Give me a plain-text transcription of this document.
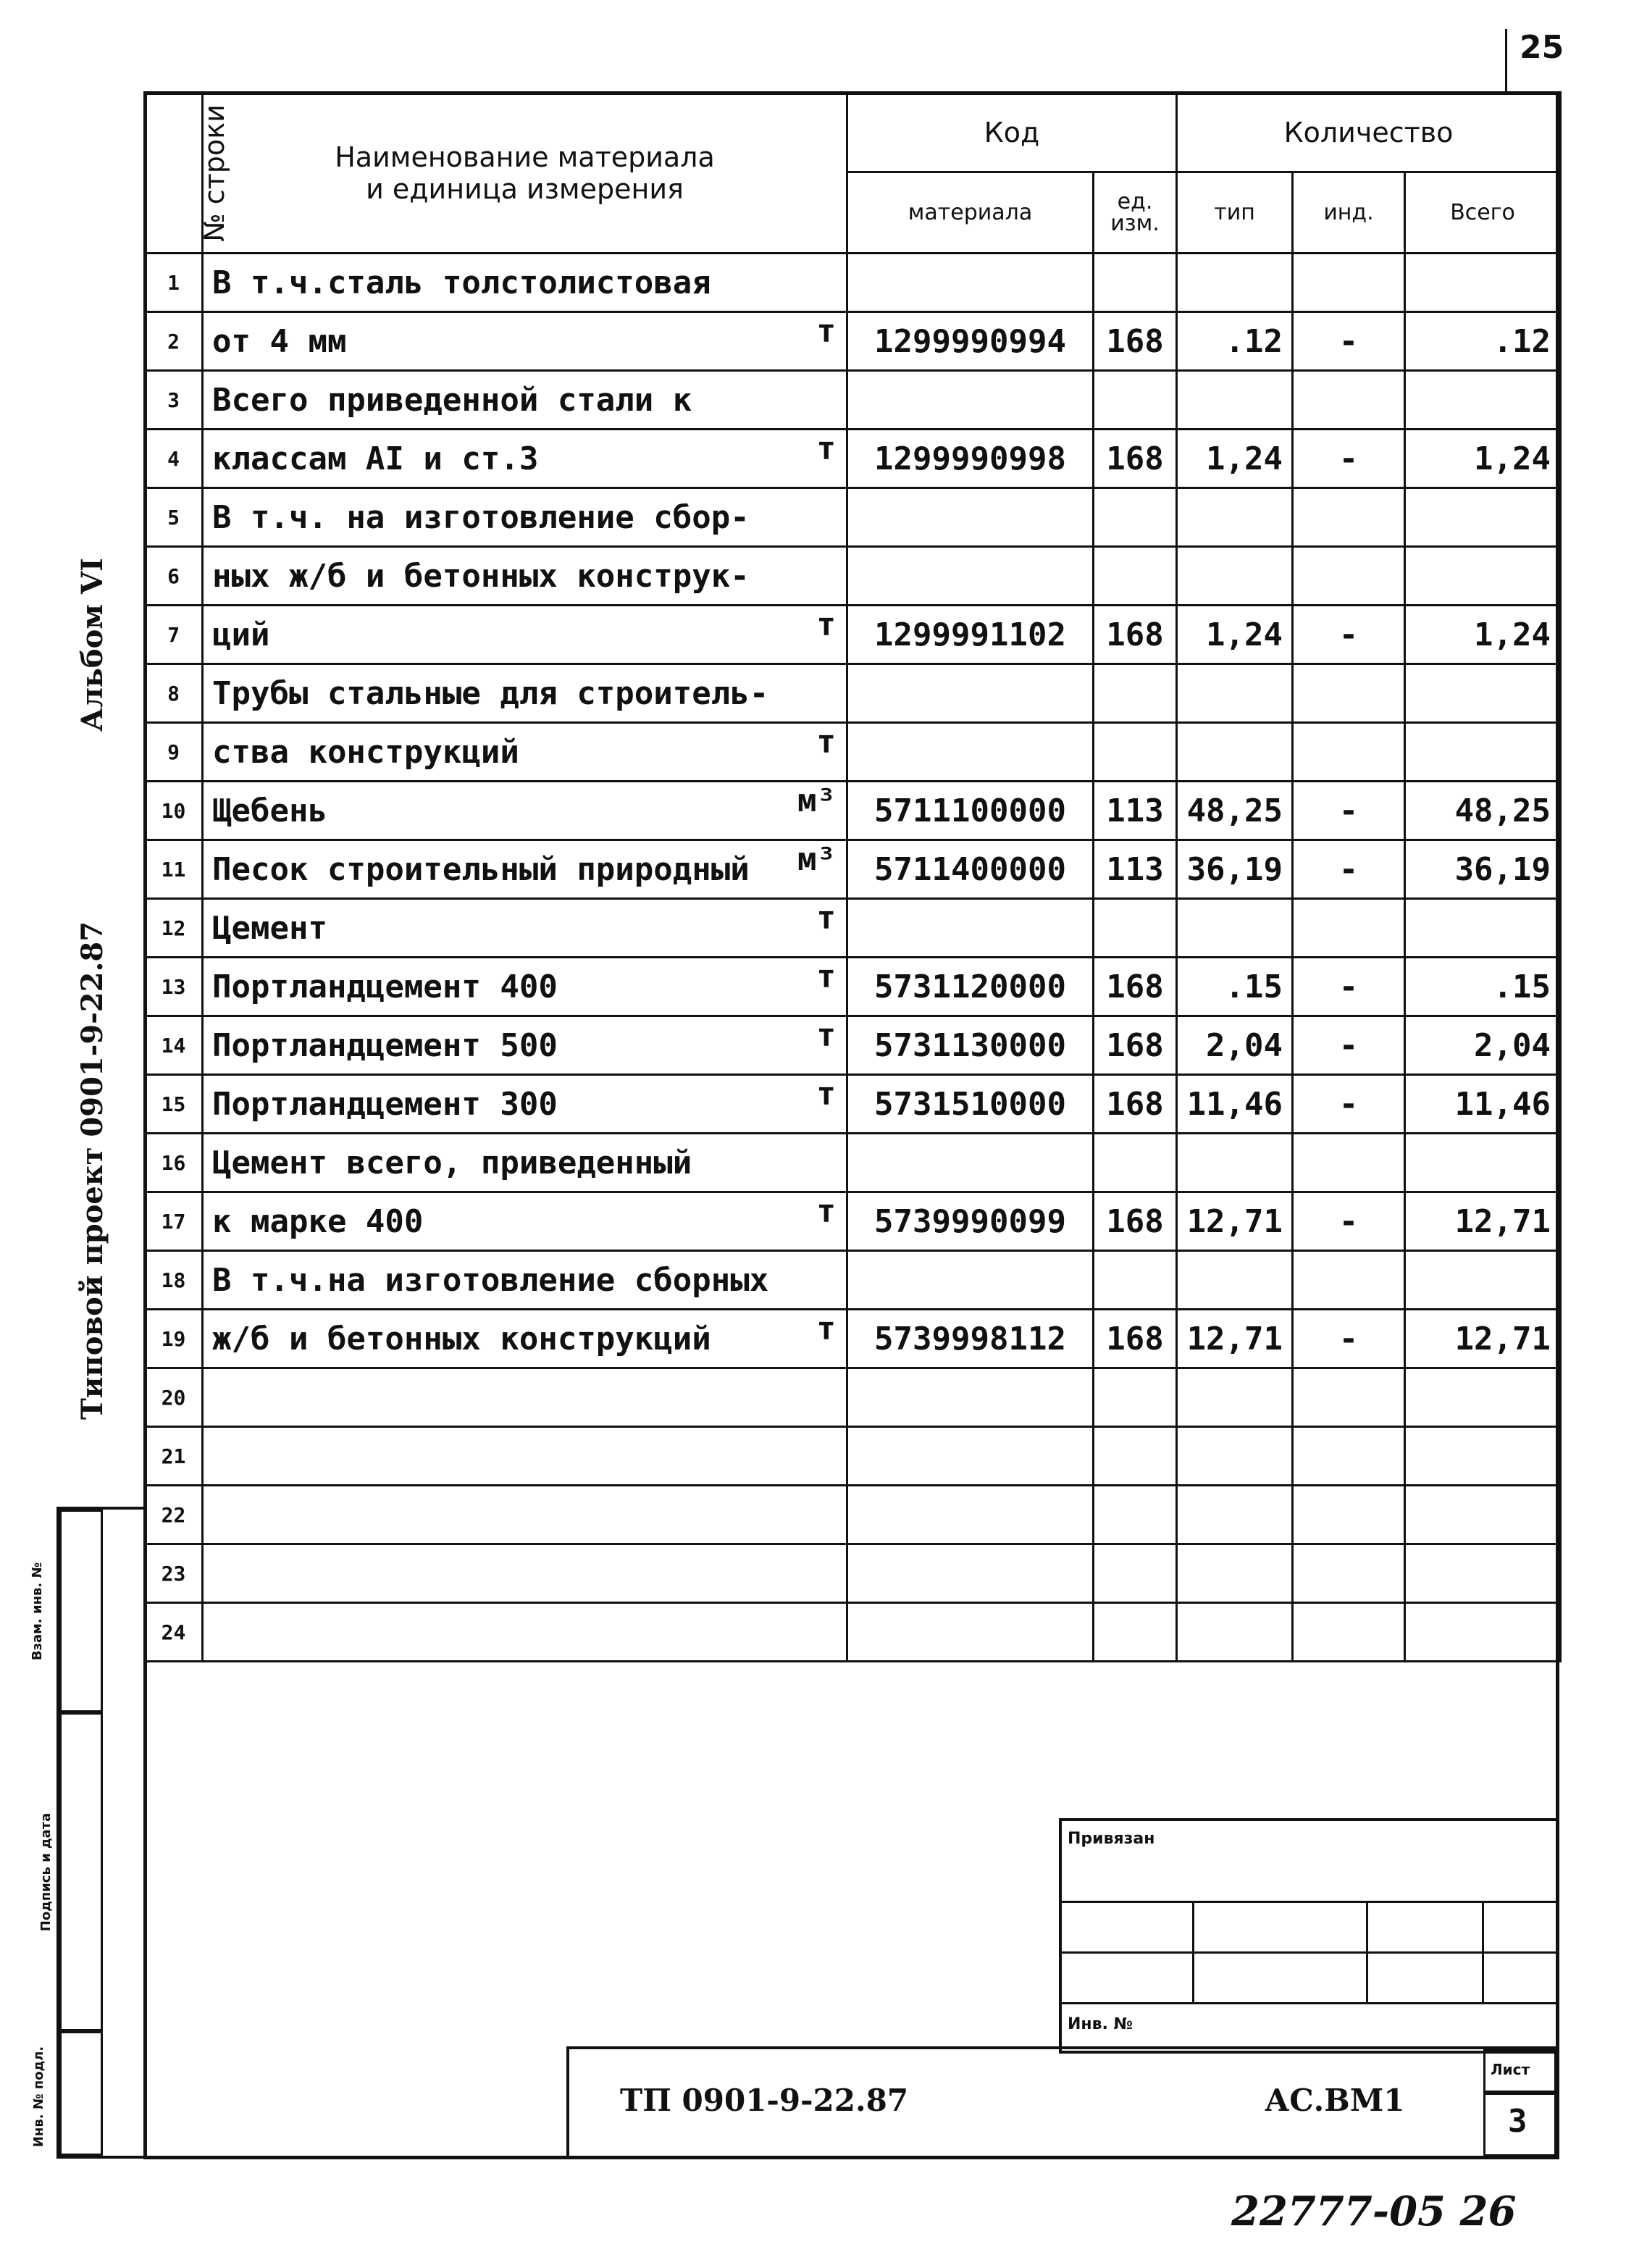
25
Альбом VI
Типовой проект 0901-9-22.87
№ строки	Наименование материала
и единица измерения	Код		Количество		
		материала	ед. изм.	тип	инд.	Всего
1	В т.ч.сталь толстолистовая

2	от 4 мм т	1299990994	168	.12	-	.12
3	Всего приведенной стали к

4	классам AI и ст.3 т	1299990998	168	1,24	-	1,24
5	В т.ч. на изготовление сбор-

6	ных ж/б и бетонных конструк-

7	ций т	1299991102	168	1,24	-	1,24
8	Трубы стальные для строитель-

9	ства конструкций т					

10	Щебень м³	5711100000	113	48,25	-	48,25
11	Песок строительный природный м³	5711400000	113	36,19	-	36,19
12	Цемент т					

13	Портландцемент 400 т	5731120000	168	.15	-	.15
14	Портландцемент 500 т	5731130000	168	2,04	-	2,04
15	Портландцемент 300 т	5731510000	168	11,46	-	11,46
16	Цемент всего, приведенный

17	к марке 400 т	5739990099	168	12,71	-	12,71
18	В т.ч.на изготовление сборных

19	ж/б и бетонных конструкций т	5739998112	168	12,71	-	12,71
20	

21	

22	

23	

24	

Взам. инв. №
Подпись и дата
Инв. № подл.
Привязан
Инв. №
ТП 0901-9-22.87	АС.ВМ1
Лист
3
22777-05 26
